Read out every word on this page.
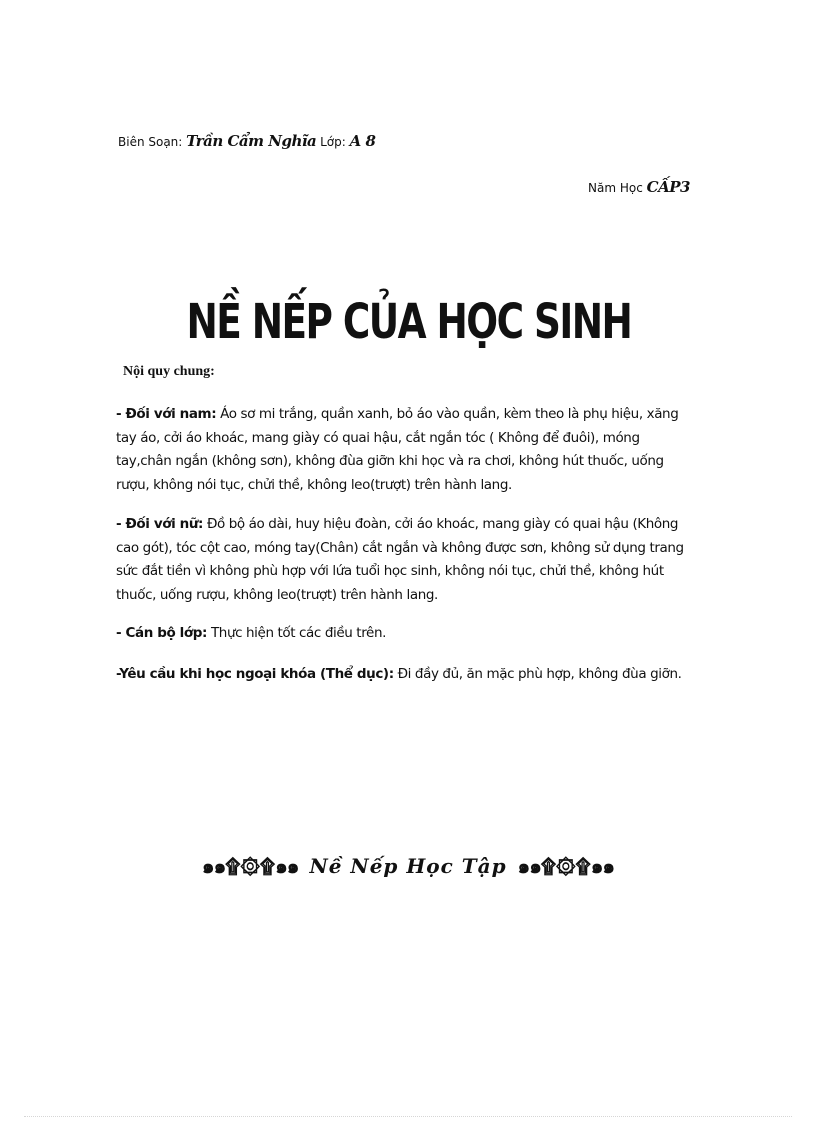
Biên Soạn: Trần Cẩm Nghĩa Lớp: A 8
Năm Học CẤP3
NỀ NẾP CỦA HỌC SINH
Nội quy chung:
- Đối với nam: Áo sơ mi trắng, quần xanh, bỏ áo vào quần, kèm theo là phụ hiệu, xăng tay áo, cởi áo khoác, mang giày có quai hậu, cắt ngắn tóc ( Không để đuôi), móng tay,chân ngắn (không sơn), không đùa giỡn khi học và ra chơi, không hút thuốc, uống rượu, không nói tục, chửi thề, không leo(trượt) trên hành lang.
- Đối với nữ: Đồ bộ áo dài, huy hiệu đoàn, cởi áo khoác, mang giày có quai hậu (Không cao gót), tóc cột cao, móng tay(Chân) cắt ngắn và không được sơn, không sử dụng trang sức đắt tiền vì không phù hợp với lứa tuổi học sinh, không nói tục, chửi thề, không hút thuốc, uống rượu, không leo(trượt) trên hành lang.
- Cán bộ lớp: Thực hiện tốt các điều trên.
-Yêu cầu khi học ngoại khóa (Thể dục): Đi đầy đủ, ăn mặc phù hợp, không đùa giỡn.
๑๑۩۞۩๑๑ Nề Nếp Học Tập ๑๑۩۞۩๑๑
